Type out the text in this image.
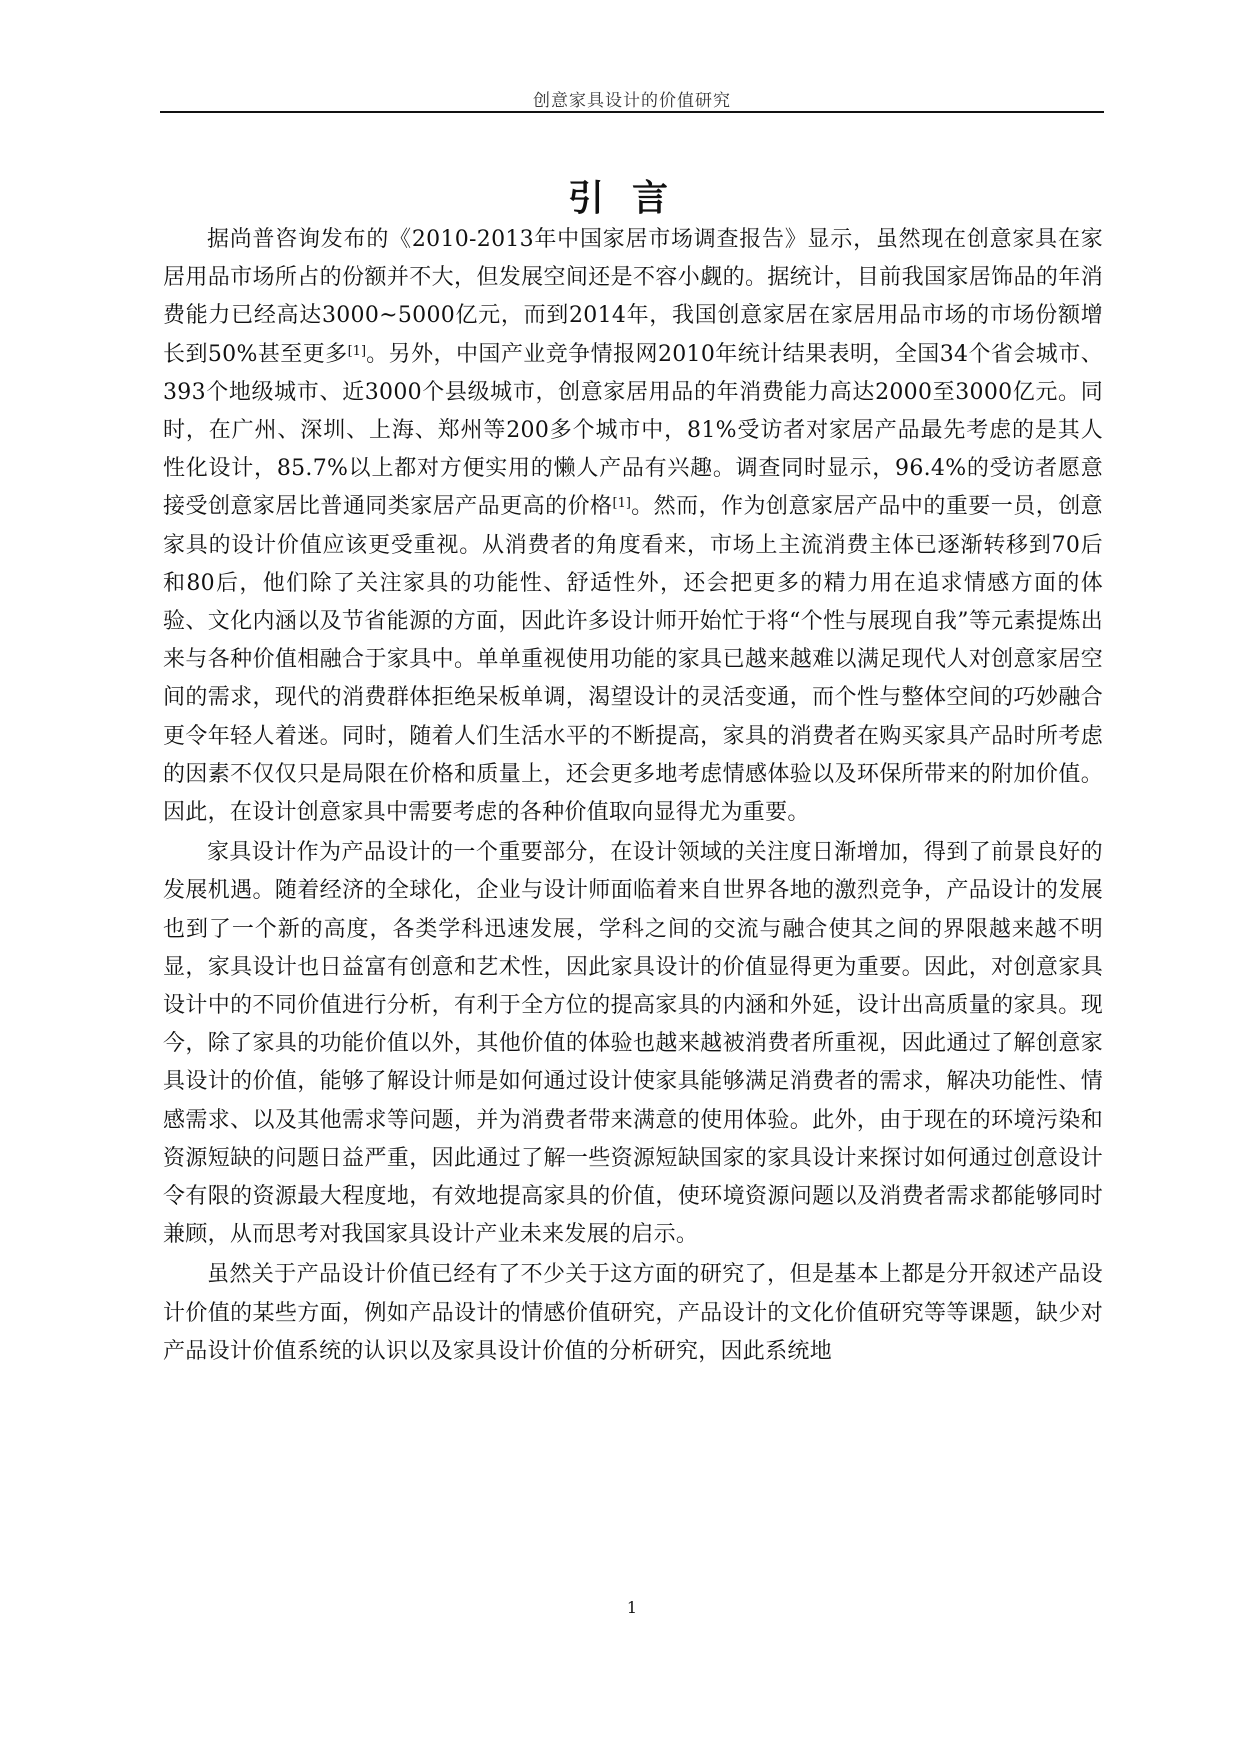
创意家具设计的价值研究
引言

据尚普咨询发布的《2010-2013年中国家居市场调查报告》显示，虽然现在创意家具在家居用品市场所占的份额并不大，但发展空间还是不容小觑的。据统计，目前我国家居饰品的年消费能力已经高达3000~5000亿元，而到2014年，我国创意家居在家居用品市场的市场份额增长到50%甚至更多[1]。另外，中国产业竞争情报网2010年统计结果表明，全国34个省会城市、393个地级城市、近3000个县级城市，创意家居用品的年消费能力高达2000至3000亿元。同时，在广州、深圳、上海、郑州等200多个城市中，81%受访者对家居产品最先考虑的是其人性化设计，85.7%以上都对方便实用的懒人产品有兴趣。调查同时显示，96.4%的受访者愿意接受创意家居比普通同类家居产品更高的价格[1]。然而，作为创意家居产品中的重要一员，创意家具的设计价值应该更受重视。从消费者的角度看来，市场上主流消费主体已逐渐转移到70后和80后，他们除了关注家具的功能性、舒适性外，还会把更多的精力用在追求情感方面的体验、文化内涵以及节省能源的方面，因此许多设计师开始忙于将“个性与展现自我”等元素提炼出来与各种价值相融合于家具中。单单重视使用功能的家具已越来越难以满足现代人对创意家居空间的需求，现代的消费群体拒绝呆板单调，渴望设计的灵活变通，而个性与整体空间的巧妙融合更令年轻人着迷。同时，随着人们生活水平的不断提高，家具的消费者在购买家具产品时所考虑的因素不仅仅只是局限在价格和质量上，还会更多地考虑情感体验以及环保所带来的附加价值。因此，在设计创意家具中需要考虑的各种价值取向显得尤为重要。

家具设计作为产品设计的一个重要部分，在设计领域的关注度日渐增加，得到了前景良好的发展机遇。随着经济的全球化，企业与设计师面临着来自世界各地的激烈竞争，产品设计的发展也到了一个新的高度，各类学科迅速发展，学科之间的交流与融合使其之间的界限越来越不明显，家具设计也日益富有创意和艺术性，因此家具设计的价值显得更为重要。因此，对创意家具设计中的不同价值进行分析，有利于全方位的提高家具的内涵和外延，设计出高质量的家具。现今，除了家具的功能价值以外，其他价值的体验也越来越被消费者所重视，因此通过了解创意家具设计的价值，能够了解设计师是如何通过设计使家具能够满足消费者的需求，解决功能性、情感需求、以及其他需求等问题，并为消费者带来满意的使用体验。此外，由于现在的环境污染和资源短缺的问题日益严重，因此通过了解一些资源短缺国家的家具设计来探讨如何通过创意设计令有限的资源最大程度地，有效地提高家具的价值，使环境资源问题以及消费者需求都能够同时兼顾，从而思考对我国家具设计产业未来发展的启示。

虽然关于产品设计价值已经有了不少关于这方面的研究了，但是基本上都是分开叙述产品设计价值的某些方面，例如产品设计的情感价值研究，产品设计的文化价值研究等等课题，缺少对产品设计价值系统的认识以及家具设计价值的分析研究，因此系统地

1
